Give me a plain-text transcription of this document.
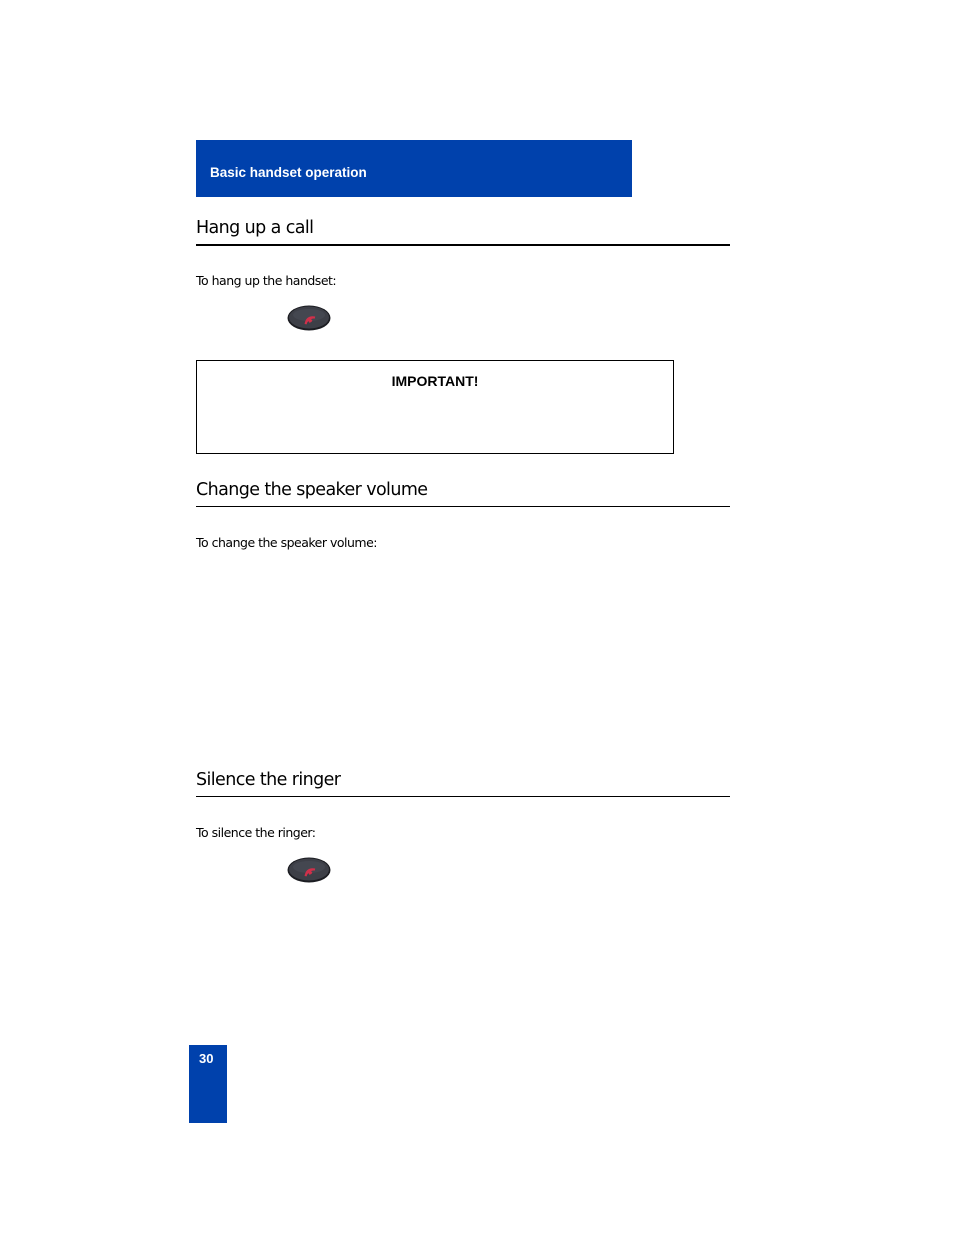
Basic handset operation
Hang up a call
To hang up the handset:
IMPORTANT!
Change the speaker volume
To change the speaker volume:
Silence the ringer
To silence the ringer:
30
